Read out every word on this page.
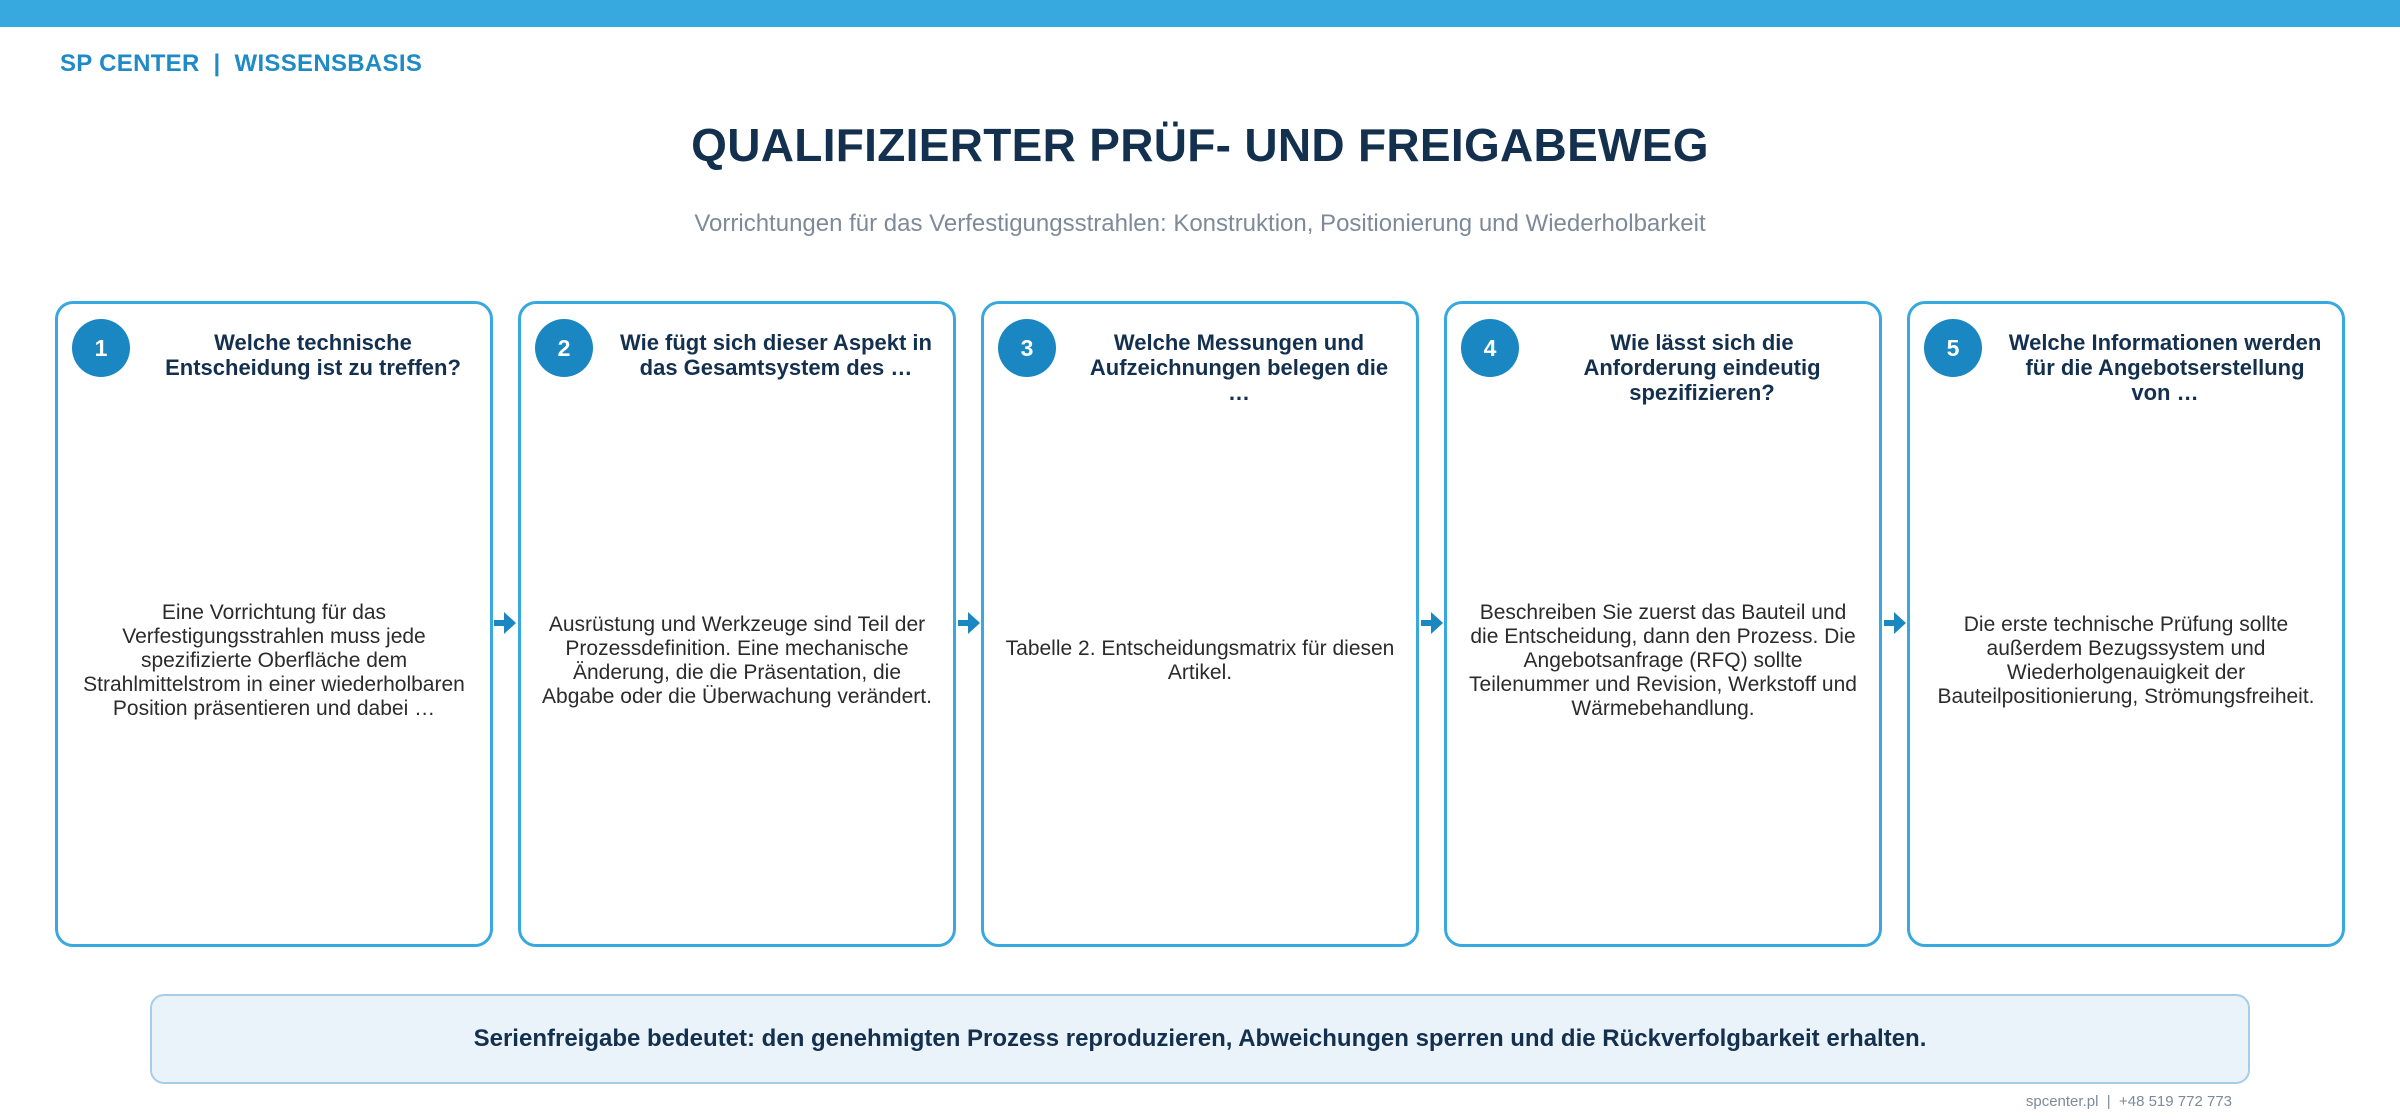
SP CENTER  |  WISSENSBASIS
QUALIFIZIERTER PRÜF- UND FREIGABEWEG
Vorrichtungen für das Verfestigungsstrahlen: Konstruktion, Positionierung und Wiederholbarkeit
1	Welche technische Entscheidung ist zu treffen?
Eine Vorrichtung für das Verfestigungsstrahlen muss jede spezifizierte Oberfläche dem Strahlmittelstrom in einer wiederholbaren Position präsentieren und dabei …
2	Wie fügt sich dieser Aspekt in das Gesamtsystem des …
Ausrüstung und Werkzeuge sind Teil der Prozessdefinition. Eine mechanische Änderung, die die Präsentation, die Abgabe oder die Überwachung verändert.
3	Welche Messungen und Aufzeichnungen belegen die …
Tabelle 2. Entscheidungsmatrix für diesen Artikel.
4	Wie lässt sich die Anforderung eindeutig spezifizieren?
Beschreiben Sie zuerst das Bauteil und die Entscheidung, dann den Prozess. Die Angebotsanfrage (RFQ) sollte Teilenummer und Revision, Werkstoff und Wärmebehandlung.
5	Welche Informationen werden für die Angebotserstellung von …
Die erste technische Prüfung sollte außerdem Bezugssystem und Wiederholgenauigkeit der Bauteilpositionierung, Strömungsfreiheit.
Serienfreigabe bedeutet: den genehmigten Prozess reproduzieren, Abweichungen sperren und die Rückverfolgbarkeit erhalten.
spcenter.pl  |  +48 519 772 773
